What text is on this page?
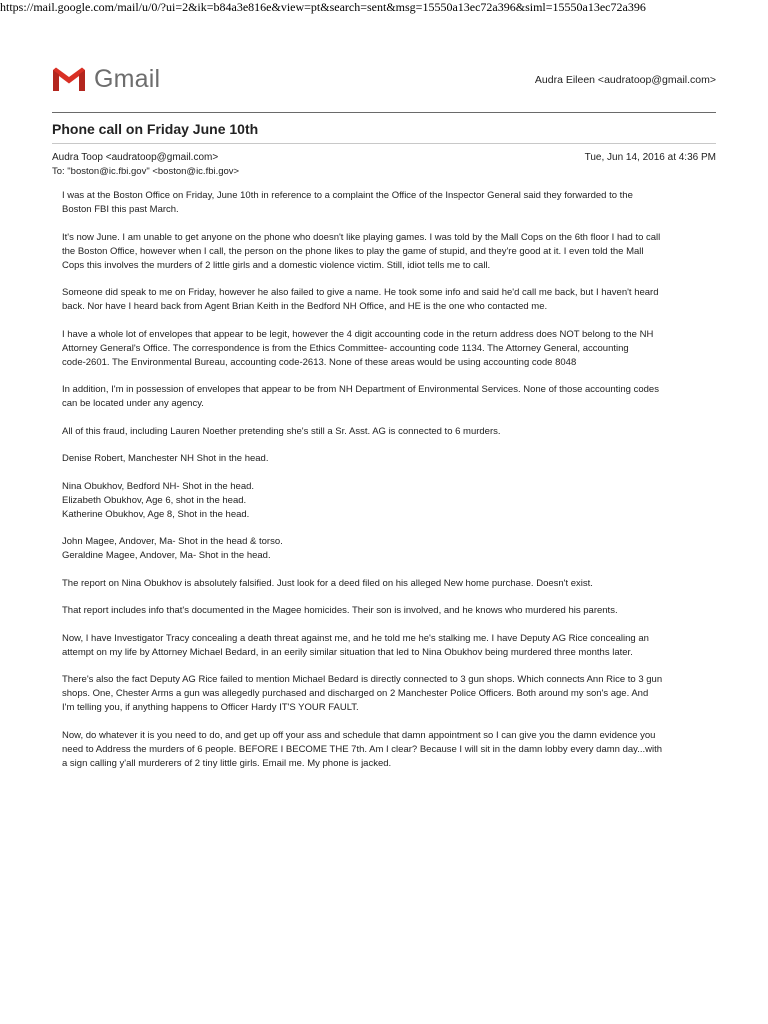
https://mail.google.com/mail/u/0/?ui=2&ik=b84a3e816e&view=pt&search=sent&msg=15550a13ec72a396&siml=15550a13ec72a396
Gmail	Audra Eileen <audratoop@gmail.com>
Phone call on Friday June 10th
Audra Toop <audratoop@gmail.com>
To: "boston@ic.fbi.gov" <boston@ic.fbi.gov>
Tue, Jun 14, 2016 at 4:36 PM

I was at the Boston Office on Friday, June 10th in reference to a complaint the Office of the Inspector General said they forwarded to the
Boston FBI this past March.

It's now June. I am unable to get anyone on the phone who doesn't like playing games. I was told by the Mall Cops on the 6th floor I had to call
the Boston Office, however when I call, the person on the phone likes to play the game of stupid, and they're good at it. I even told the Mall
Cops this involves the murders of 2 little girls and a domestic violence victim. Still, idiot tells me to call.

Someone did speak to me on Friday, however he also failed to give a name. He took some info and said he'd call me back, but I haven't heard
back. Nor have I heard back from Agent Brian Keith in the Bedford NH Office, and HE is the one who contacted me.

I have a whole lot of envelopes that appear to be legit, however the 4 digit accounting code in the return address does NOT belong to the NH
Attorney General's Office. The correspondence is from the Ethics Committee- accounting code 1134. The Attorney General, accounting
code-2601. The Environmental Bureau, accounting code-2613. None of these areas would be using accounting code 8048

In addition, I'm in possession of envelopes that appear to be from NH Department of Environmental Services. None of those accounting codes
can be located under any agency.

All of this fraud, including Lauren Noether pretending she's still a Sr. Asst. AG is connected to 6 murders.

Denise Robert, Manchester NH Shot in the head.

Nina Obukhov, Bedford NH- Shot in the head.
Elizabeth Obukhov, Age 6, shot in the head.
Katherine Obukhov, Age 8, Shot in the head.

John Magee, Andover, Ma- Shot in the head & torso.
Geraldine Magee, Andover, Ma- Shot in the head.

The report on Nina Obukhov is absolutely falsified. Just look for a deed filed on his alleged New home purchase. Doesn't exist.

That report includes info that's documented in the Magee homicides. Their son is involved, and he knows who murdered his parents.

Now, I have Investigator Tracy concealing a death threat against me, and he told me he's stalking me. I have Deputy AG Rice concealing an
attempt on my life by Attorney Michael Bedard, in an eerily similar situation that led to Nina Obukhov being murdered three months later.

There's also the fact Deputy AG Rice failed to mention Michael Bedard is directly connected to 3 gun shops. Which connects Ann Rice to 3 gun
shops. One, Chester Arms a gun was allegedly purchased and discharged on 2 Manchester Police Officers. Both around my son's age. And
I'm telling you, if anything happens to Officer Hardy IT'S YOUR FAULT.

Now, do whatever it is you need to do, and get up off your ass and schedule that damn appointment so I can give you the damn evidence you
need to Address the murders of 6 people. BEFORE I BECOME THE 7th. Am I clear? Because I will sit in the damn lobby every damn day...with
a sign calling y'all murderers of 2 tiny little girls. Email me. My phone is jacked.
